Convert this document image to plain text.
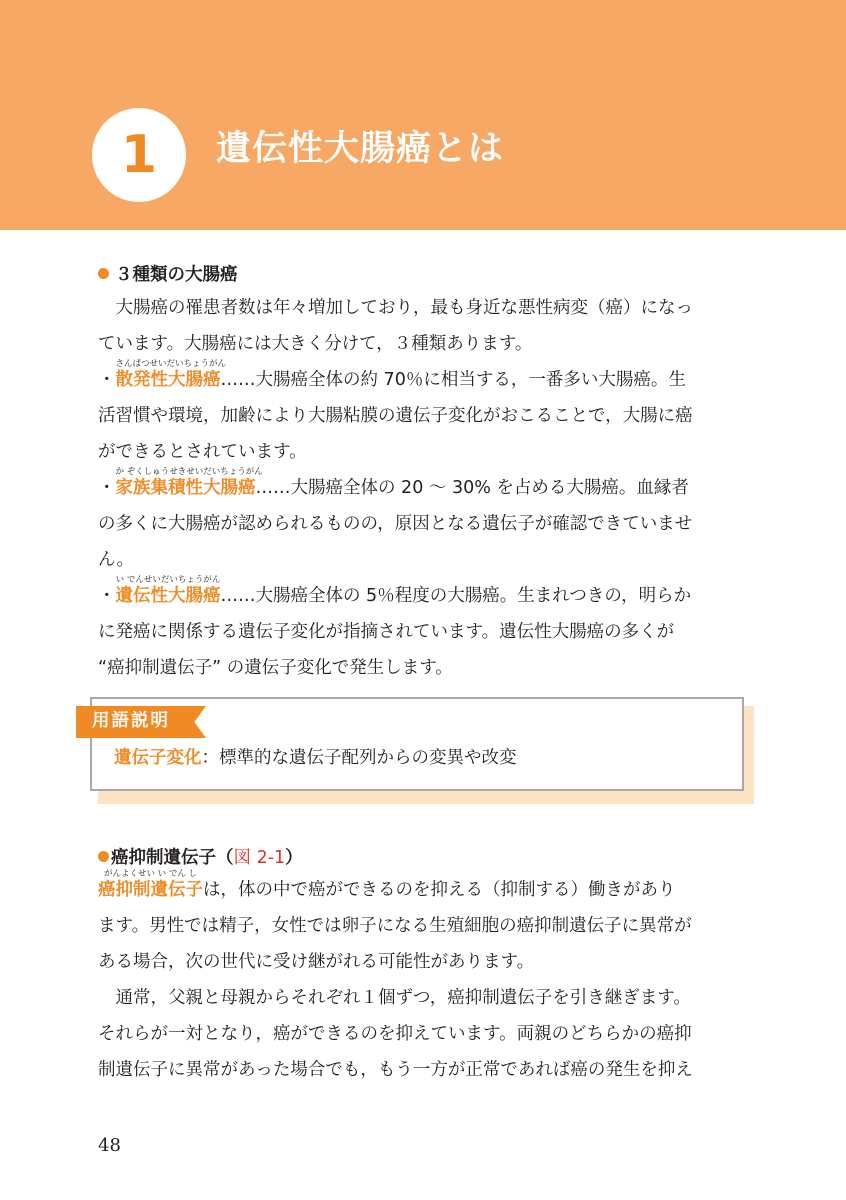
1 遺伝性大腸癌とは
３種類の大腸癌
　大腸癌の罹患者数は年々増加しており，最も身近な悪性病変（癌）になっ
ています。大腸癌には大きく分けて，３種類あります。
・
さんぱつせいだいちょうがん
散発性大腸癌……大腸癌全体の約 70％に相当する，一番多い大腸癌。生
活習慣や環境，加齢により大腸粘膜の遺伝子変化がおこることで，大腸に癌
ができるとされています。
・
か ぞくしゅうせきせいだいちょうがん
家族集積性大腸癌……大腸癌全体の 20 ～ 30% を占める大腸癌。血縁者
の多くに大腸癌が認められるものの，原因となる遺伝子が確認できていませ
ん。
・
い でんせいだいちょうがん
遺伝性大腸癌……大腸癌全体の 5％程度の大腸癌。生まれつきの，明らか
に発癌に関係する遺伝子変化が指摘されています。遺伝性大腸癌の多くが
“癌抑制遺伝子” の遺伝子変化で発生します。
用語説明
遺伝子変化：標準的な遺伝子配列からの変異や改変
癌抑制遺伝子（図 2-1）
がんよくせい い でん し
癌抑制遺伝子は，体の中で癌ができるのを抑える（抑制する）働きがあり
ます。男性では精子，女性では卵子になる生殖細胞の癌抑制遺伝子に異常が
ある場合，次の世代に受け継がれる可能性があります。
　通常，父親と母親からそれぞれ１個ずつ，癌抑制遺伝子を引き継ぎます。
それらが一対となり，癌ができるのを抑えています。両親のどちらかの癌抑
制遺伝子に異常があった場合でも，もう一方が正常であれば癌の発生を抑え
48
